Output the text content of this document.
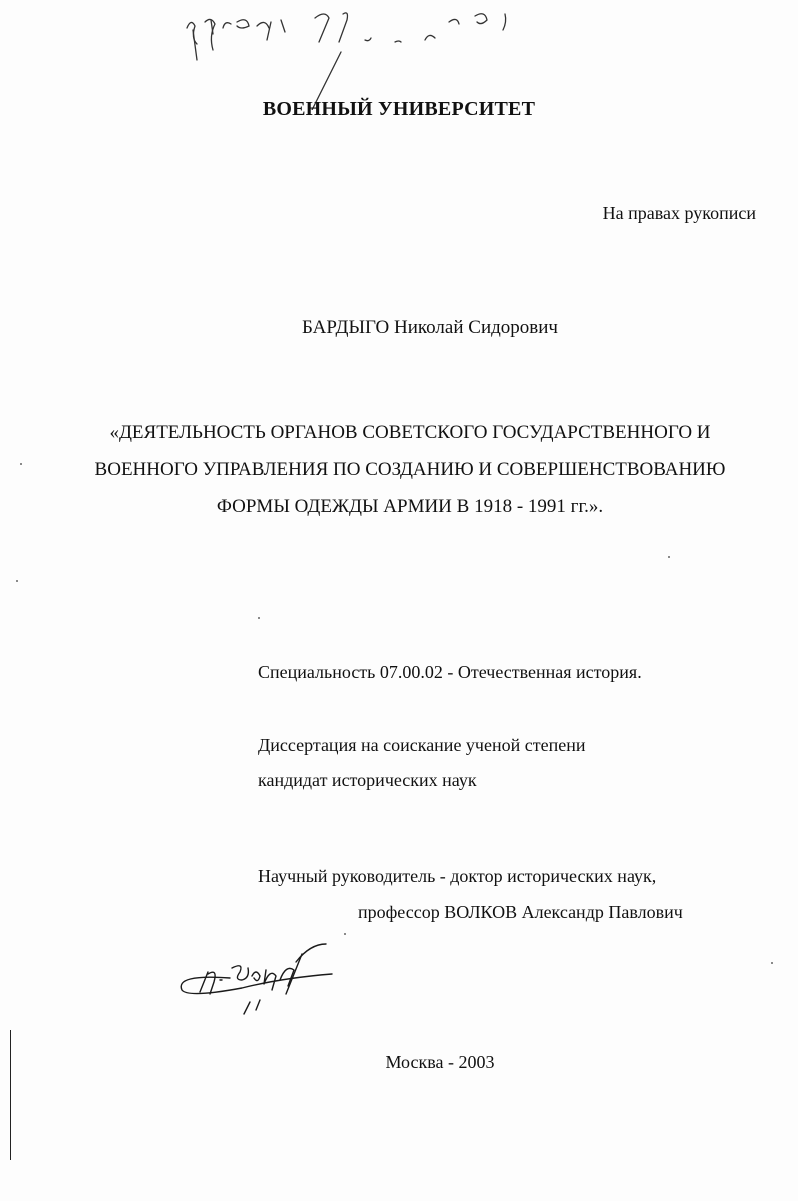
ВОЕННЫЙ УНИВЕРСИТЕТ
На правах рукописи
БАРДЫГО Николай Сидорович
«ДЕЯТЕЛЬНОСТЬ ОРГАНОВ СОВЕТСКОГО ГОСУДАРСТВЕННОГО И
ВОЕННОГО УПРАВЛЕНИЯ ПО СОЗДАНИЮ И СОВЕРШЕНСТВОВАНИЮ
ФОРМЫ ОДЕЖДЫ АРМИИ В 1918 - 1991 гг.».
Специальность 07.00.02 - Отечественная история.
Диссертация на соискание ученой степени
кандидат исторических наук
Научный руководитель - доктор исторических наук,
профессор ВОЛКОВ Александр Павлович
Москва - 2003
